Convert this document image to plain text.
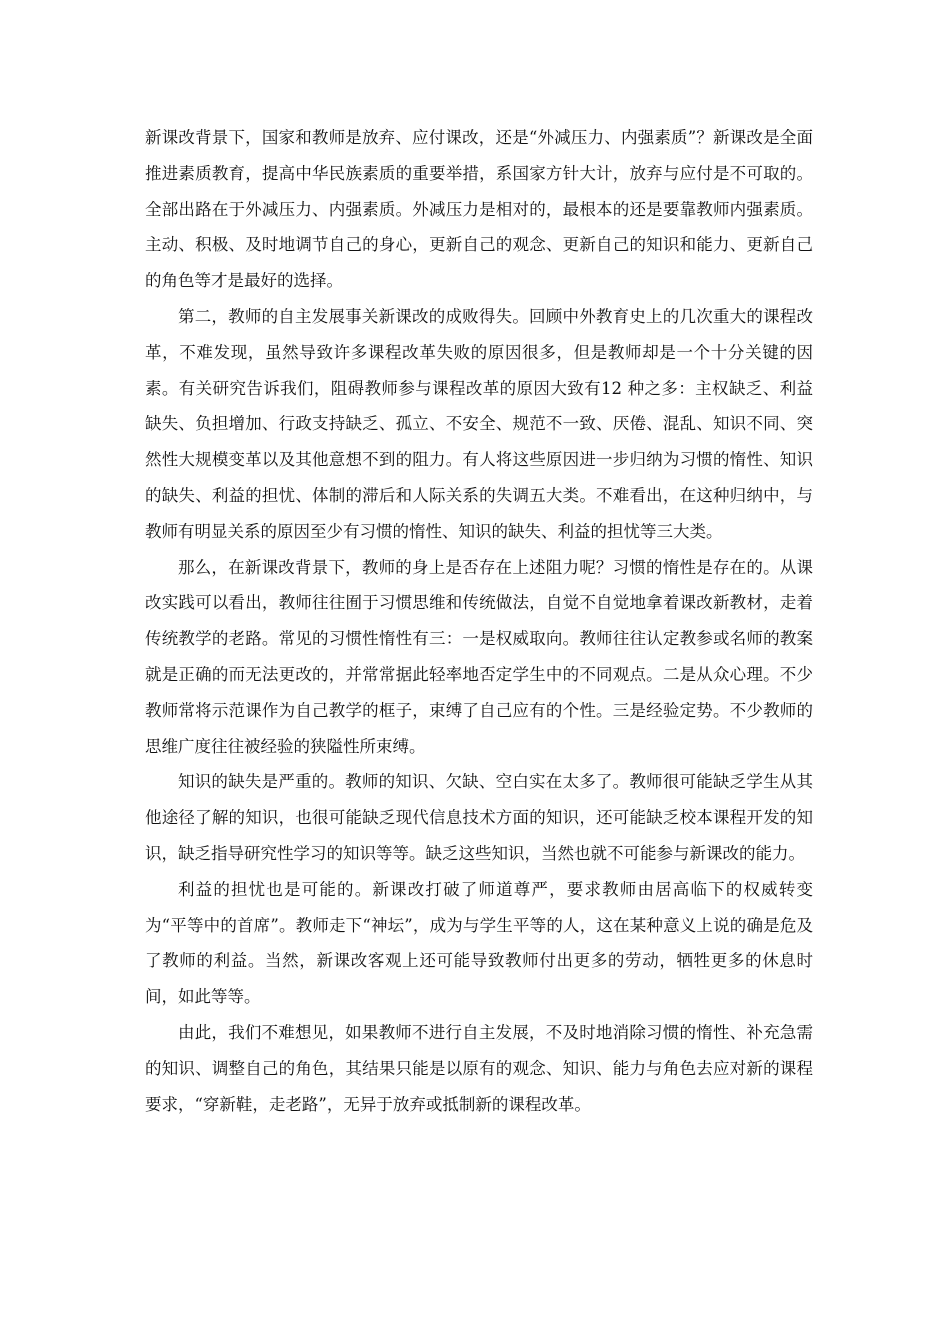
新课改背景下，国家和教师是放弃、应付课改，还是“外减压力、内强素质”？新课改是全面推进素质教育，提高中华民族素质的重要举措，系国家方针大计，放弃与应付是不可取的。全部出路在于外减压力、内强素质。外减压力是相对的，最根本的还是要靠教师内强素质。主动、积极、及时地调节自己的身心，更新自己的观念、更新自己的知识和能力、更新自己的角色等才是最好的选择。

第二，教师的自主发展事关新课改的成败得失。回顾中外教育史上的几次重大的课程改革，不难发现，虽然导致许多课程改革失败的原因很多，但是教师却是一个十分关键的因素。有关研究告诉我们，阻碍教师参与课程改革的原因大致有12 种之多：主权缺乏、利益缺失、负担增加、行政支持缺乏、孤立、不安全、规范不一致、厌倦、混乱、知识不同、突然性大规模变革以及其他意想不到的阻力。有人将这些原因进一步归纳为习惯的惰性、知识的缺失、利益的担忧、体制的滞后和人际关系的失调五大类。不难看出，在这种归纳中，与教师有明显关系的原因至少有习惯的惰性、知识的缺失、利益的担忧等三大类。

那么，在新课改背景下，教师的身上是否存在上述阻力呢？习惯的惰性是存在的。从课改实践可以看出，教师往往囿于习惯思维和传统做法，自觉不自觉地拿着课改新教材，走着传统教学的老路。常见的习惯性惰性有三：一是权威取向。教师往往认定教参或名师的教案就是正确的而无法更改的，并常常据此轻率地否定学生中的不同观点。二是从众心理。不少教师常将示范课作为自己教学的框子，束缚了自己应有的个性。三是经验定势。不少教师的思维广度往往被经验的狭隘性所束缚。

知识的缺失是严重的。教师的知识、欠缺、空白实在太多了。教师很可能缺乏学生从其他途径了解的知识，也很可能缺乏现代信息技术方面的知识，还可能缺乏校本课程开发的知识，缺乏指导研究性学习的知识等等。缺乏这些知识，当然也就不可能参与新课改的能力。

利益的担忧也是可能的。新课改打破了师道尊严，要求教师由居高临下的权威转变为“平等中的首席”。教师走下“神坛”，成为与学生平等的人，这在某种意义上说的确是危及了教师的利益。当然，新课改客观上还可能导致教师付出更多的劳动，牺牲更多的休息时间，如此等等。

由此，我们不难想见，如果教师不进行自主发展，不及时地消除习惯的惰性、补充急需的知识、调整自己的角色，其结果只能是以原有的观念、知识、能力与角色去应对新的课程要求，“穿新鞋，走老路”，无异于放弃或抵制新的课程改革。
